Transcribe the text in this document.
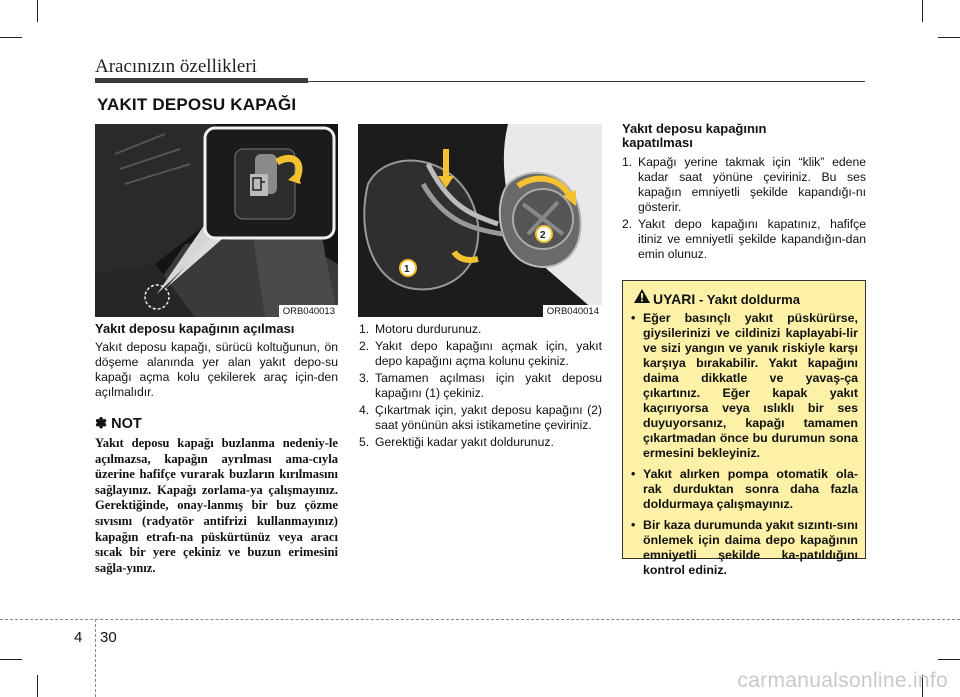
Aracınızın özellikleri
YAKIT DEPOSU KAPAĞI
ORB040013
1
2
ORB040014
Yakıt deposu kapağının açılması

Yakıt deposu kapağı, sürücü koltuğunun, ön döşeme alanında yer alan yakıt depo-su kapağı açma kolu çekilerek araç için-den açılmalıdır.

✽ NOT

Yakıt deposu kapağı buzlanma nedeniy-le açılmazsa, kapağın ayrılması ama-cıyla üzerine hafifçe vurarak buzların kırılmasını sağlayınız. Kapağı zorlama-ya çalışmayınız. Gerektiğinde, onay-lanmış bir buz çözme sıvısını (radyatör antifrizi kullanmayınız) kapağın etrafı-na püskürtünüz veya aracı sıcak bir yere çekiniz ve buzun erimesini sağla-yınız.

1. Motoru durdurunuz.
2. Yakıt depo kapağını açmak için, yakıt depo kapağını açma kolunu çekiniz.
3. Tamamen açılması için yakıt deposu kapağını (1) çekiniz.
4. Çıkartmak için, yakıt deposu kapağını (2) saat yönünün aksi istikametine çeviriniz.
5. Gerektiği kadar yakıt doldurunuz.
Yakıt deposu kapağının kapatılması
1. Kapağı yerine takmak için “klik” edene kadar saat yönüne çeviriniz. Bu ses kapağın emniyetli şekilde kapandığı-nı gösterir.
2. Yakıt depo kapağını kapatınız, hafifçe itiniz ve emniyetli şekilde kapandığın-dan emin olunuz.
UYARI - Yakıt doldurma
• Eğer basınçlı yakıt püskürürse, giysilerinizi ve cildinizi kaplayabi-lir ve sizi yangın ve yanık riskiyle karşı karşıya bırakabilir. Yakıt kapağını daima dikkatle ve yavaş-ça çıkartınız. Eğer kapak yakıt kaçırıyorsa veya ıslıklı bir ses duyuyorsanız, kapağı tamamen çıkartmadan önce bu durumun sona ermesini bekleyiniz.
• Yakıt alırken pompa otomatik ola-rak durduktan sonra daha fazla doldurmaya çalışmayınız.
• Bir kaza durumunda yakıt sızıntı-sını önlemek için daima depo kapağının emniyetli şekilde ka-patıldığını kontrol ediniz.
4 30
carmanualsonline.info
